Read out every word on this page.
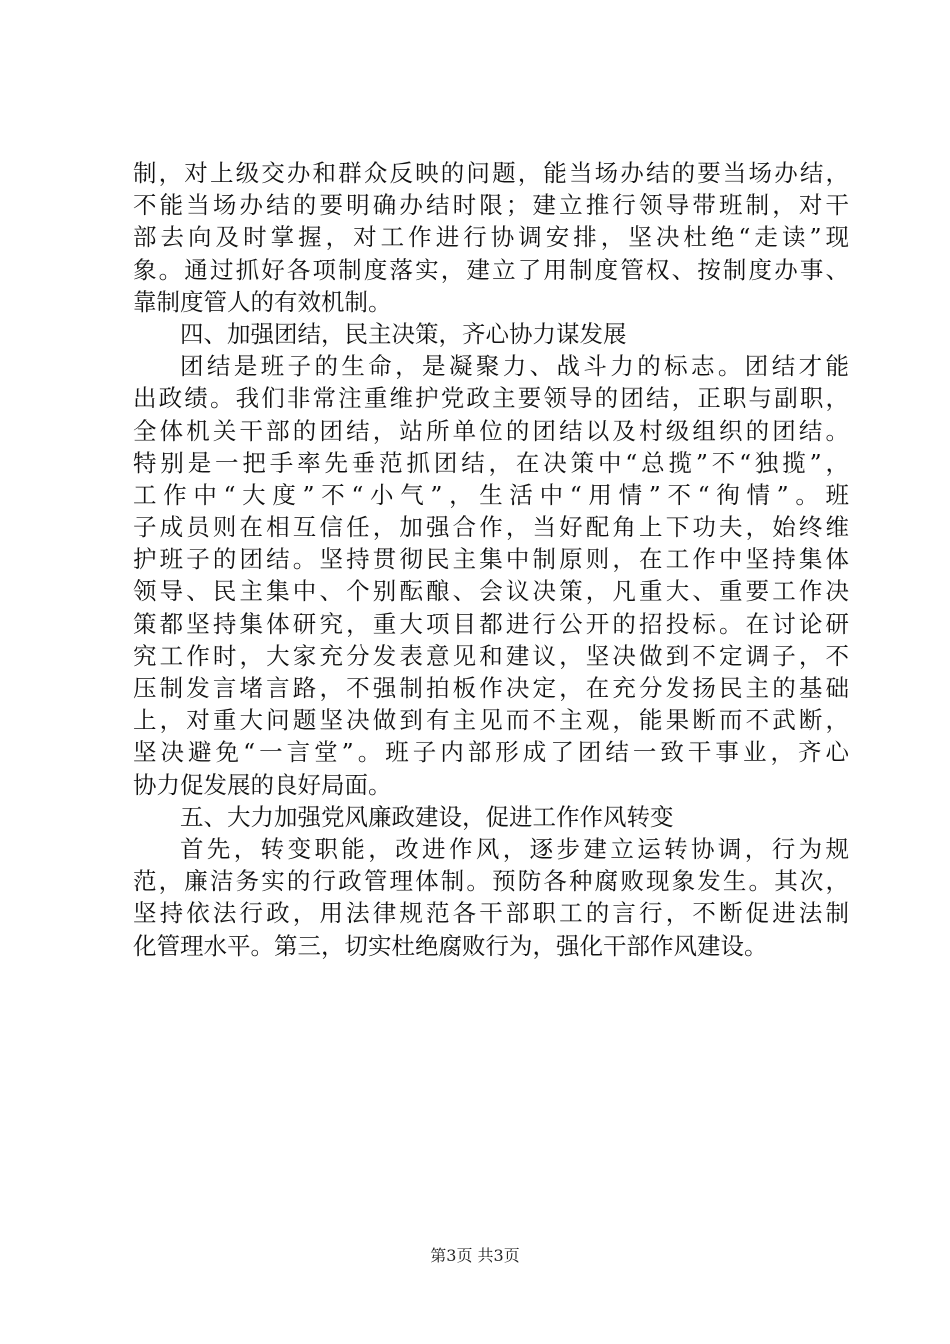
制，对上级交办和群众反映的问题，能当场办结的要当场办结，
不能当场办结的要明确办结时限；建立推行领导带班制，对干
部去向及时掌握，对工作进行协调安排，坚决杜绝“走读”现
象。通过抓好各项制度落实，建立了用制度管权、按制度办事、
靠制度管人的有效机制。
四、加强团结，民主决策，齐心协力谋发展
团结是班子的生命，是凝聚力、战斗力的标志。团结才能
出政绩。我们非常注重维护党政主要领导的团结，正职与副职，
全体机关干部的团结，站所单位的团结以及村级组织的团结。
特别是一把手率先垂范抓团结，在决策中“总揽”不“独揽”，
工作中“大度”不“小气”，生活中“用情”不“徇情”。班
子成员则在相互信任，加强合作，当好配角上下功夫，始终维
护班子的团结。坚持贯彻民主集中制原则，在工作中坚持集体
领导、民主集中、个别酝酿、会议决策，凡重大、重要工作决
策都坚持集体研究，重大项目都进行公开的招投标。在讨论研
究工作时，大家充分发表意见和建议，坚决做到不定调子，不
压制发言堵言路，不强制拍板作决定，在充分发扬民主的基础
上，对重大问题坚决做到有主见而不主观，能果断而不武断，
坚决避免“一言堂”。班子内部形成了团结一致干事业，齐心
协力促发展的良好局面。
五、大力加强党风廉政建设，促进工作作风转变
首先，转变职能，改进作风，逐步建立运转协调，行为规
范，廉洁务实的行政管理体制。预防各种腐败现象发生。其次，
坚持依法行政，用法律规范各干部职工的言行，不断促进法制
化管理水平。第三，切实杜绝腐败行为，强化干部作风建设。
第3页 共3页
